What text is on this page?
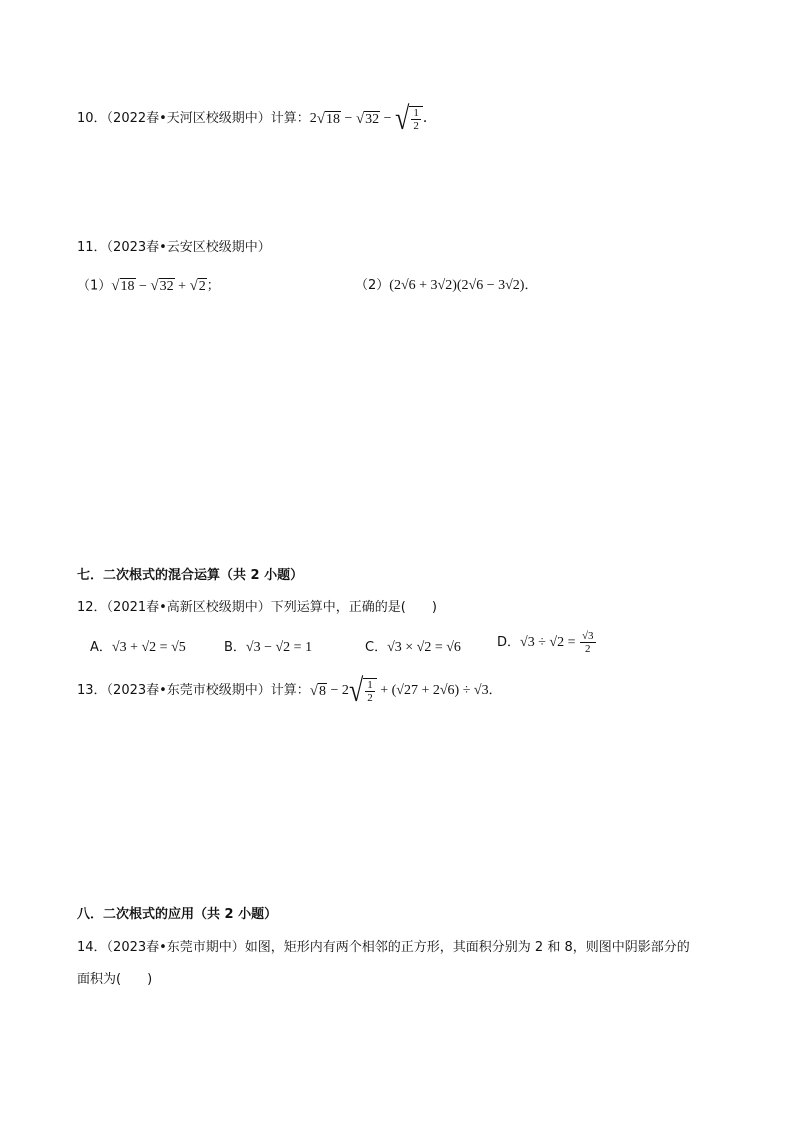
10．（2022春•天河区校级期中）计算：2√18 − √32 − √ $\frac{1}{2}$ ．
11．（2023春•云安区校级期中）
（1）√18 − √32 + √2；	（2）(2√6 + 3√2)(2√6 − 3√2)．
七．二次根式的混合运算（共 2 小题）
12．（2021春•高新区校级期中）下列运算中，正确的是(　　)
A．√3 + √2 = √5	B．√3 − √2 = 1	C．√3 × √2 = √6	D．$√3 \div √2 = \frac{√3}{2}$
13．（2023春•东莞市校级期中）计算：√8 − 2 √ $\frac{1}{2} + (√27 + 2√6) \div √3$．
八．二次根式的应用（共 2 小题）
14．（2023春•东莞市期中）如图，矩形内有两个相邻的正方形，其面积分别为 2 和 8，则图中阴影部分的
面积为(　　)
